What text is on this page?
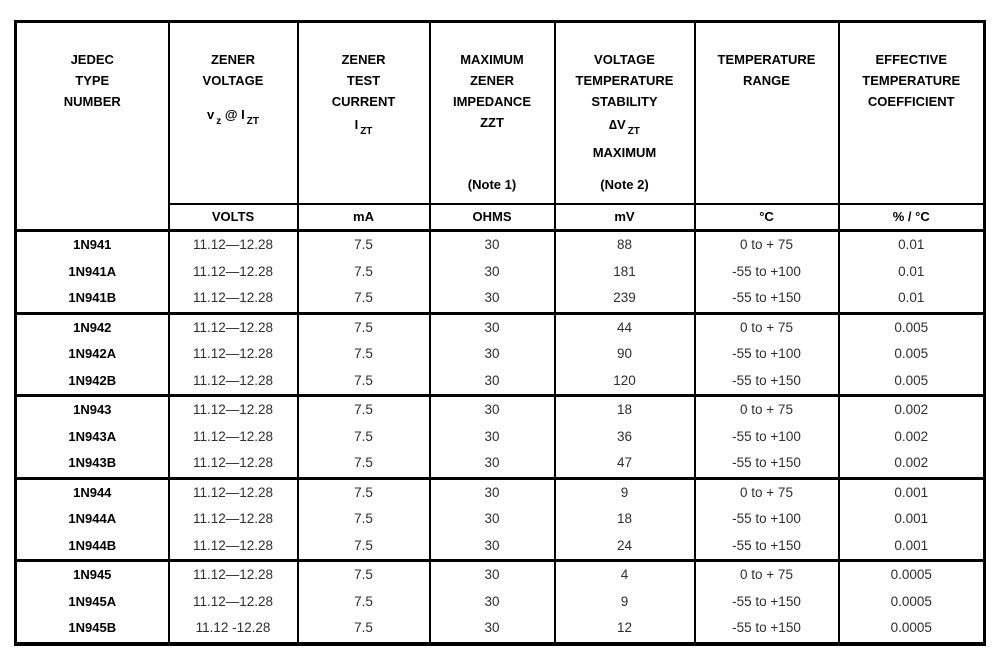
JEDEC
TYPE
NUMBER

ZENER
VOLTAGE
v $_z$ @ I $_{ZT}$

ZENER
TEST
CURRENT
I $_{ZT}$

MAXIMUM
ZENER
IMPEDANCE
ZZT
(Note 1)

VOLTAGE
TEMPERATURE
STABILITY
∆V $_{ZT}$
MAXIMUM
(Note 2)

TEMPERATURE
RANGE

EFFECTIVE
TEMPERATURE
COEFFICIENT

	VOLTS	mA	OHMS	mV	°C	% / °C
1N941	11.12—12.28	7.5	30	88	0 to + 75	0.01
1N941A	11.12—12.28	7.5	30	181	-55 to +100	0.01
1N941B	11.12—12.28	7.5	30	239	-55 to +150	0.01
1N942	11.12—12.28	7.5	30	44	0 to + 75	0.005
1N942A	11.12—12.28	7.5	30	90	-55 to +100	0.005
1N942B	11.12—12.28	7.5	30	120	-55 to +150	0.005
1N943	11.12—12.28	7.5	30	18	0 to + 75	0.002
1N943A	11.12—12.28	7.5	30	36	-55 to +100	0.002
1N943B	11.12—12.28	7.5	30	47	-55 to +150	0.002
1N944	11.12—12.28	7.5	30	9	0 to + 75	0.001
1N944A	11.12—12.28	7.5	30	18	-55 to +100	0.001
1N944B	11.12—12.28	7.5	30	24	-55 to +150	0.001
1N945	11.12—12.28	7.5	30	4	0 to + 75	0.0005
1N945A	11.12—12.28	7.5	30	9	-55 to +150	0.0005
1N945B	11.12 -12.28	7.5	30	12	-55 to +150	0.0005
